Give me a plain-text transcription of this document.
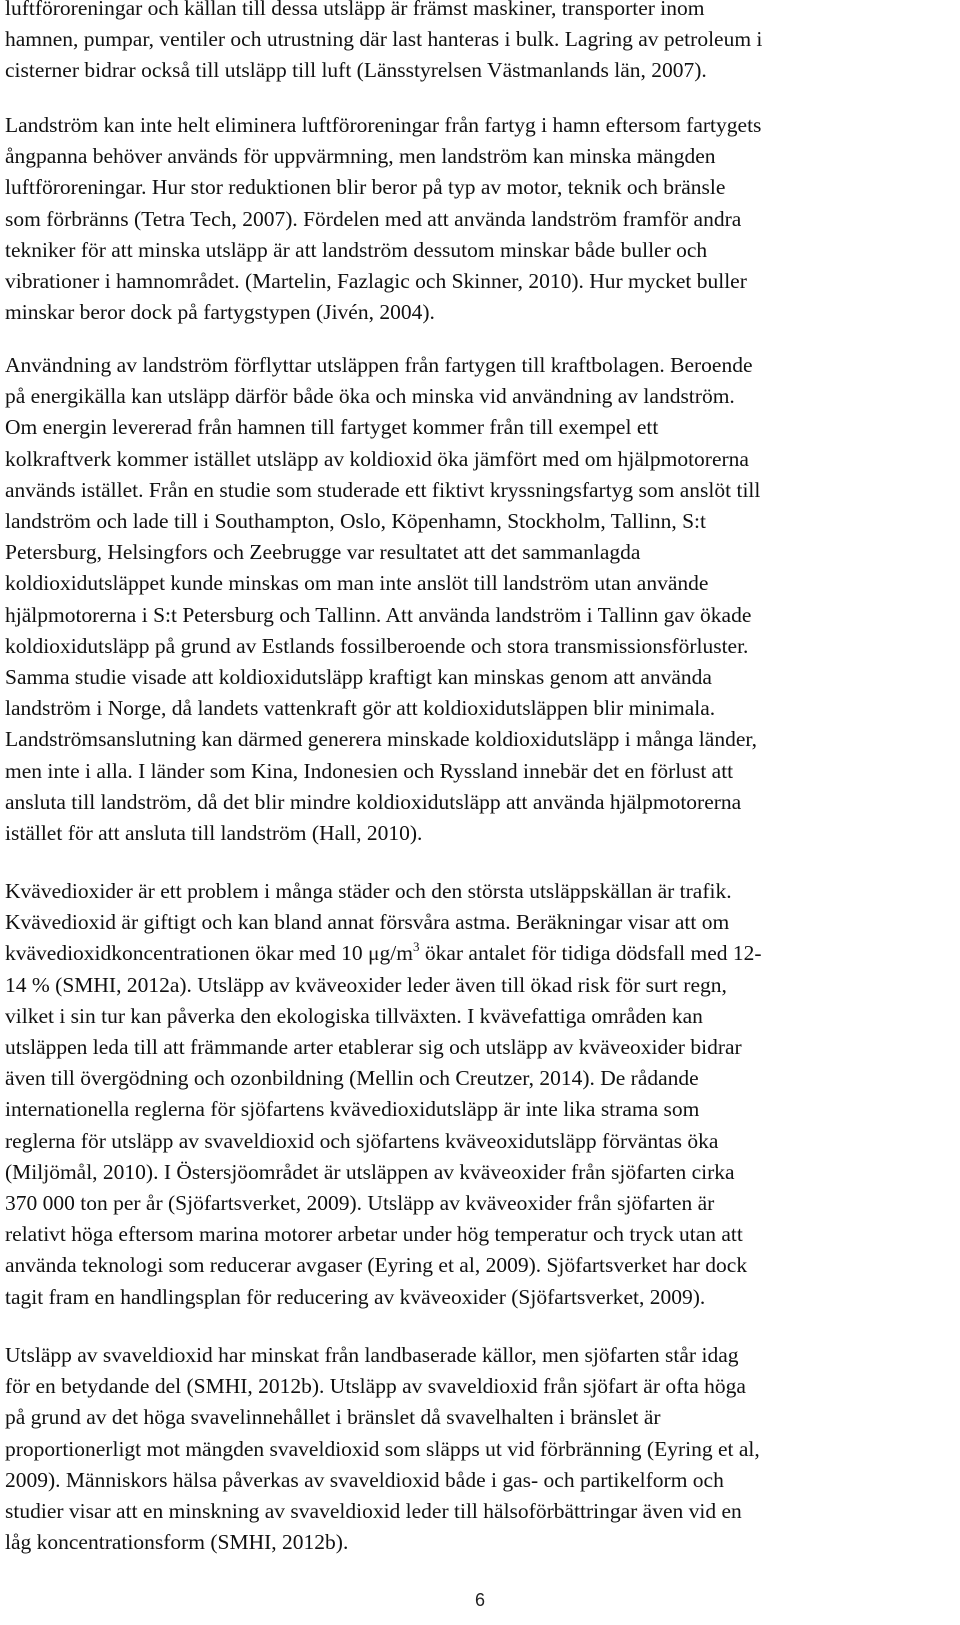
luftföroreningar och källan till dessa utsläpp är främst maskiner, transporter inom
hamnen, pumpar, ventiler och utrustning där last hanteras i bulk. Lagring av petroleum i
cisterner bidrar också till utsläpp till luft (Länsstyrelsen Västmanlands län, 2007).

Landström kan inte helt eliminera luftföroreningar från fartyg i hamn eftersom fartygets
ångpanna behöver används för uppvärmning, men landström kan minska mängden
luftföroreningar. Hur stor reduktionen blir beror på typ av motor, teknik och bränsle
som förbränns (Tetra Tech, 2007). Fördelen med att använda landström framför andra
tekniker för att minska utsläpp är att landström dessutom minskar både buller och
vibrationer i hamnområdet. (Martelin, Fazlagic och Skinner, 2010). Hur mycket buller
minskar beror dock på fartygstypen (Jivén, 2004).

Användning av landström förflyttar utsläppen från fartygen till kraftbolagen. Beroende
på energikälla kan utsläpp därför både öka och minska vid användning av landström.
Om energin levererad från hamnen till fartyget kommer från till exempel ett
kolkraftverk kommer istället utsläpp av koldioxid öka jämfört med om hjälpmotorerna
används istället. Från en studie som studerade ett fiktivt kryssningsfartyg som anslöt till
landström och lade till i Southampton, Oslo, Köpenhamn, Stockholm, Tallinn, S:t
Petersburg, Helsingfors och Zeebrugge var resultatet att det sammanlagda
koldioxidutsläppet kunde minskas om man inte anslöt till landström utan använde
hjälpmotorerna i S:t Petersburg och Tallinn. Att använda landström i Tallinn gav ökade
koldioxidutsläpp på grund av Estlands fossilberoende och stora transmissionsförluster.
Samma studie visade att koldioxidutsläpp kraftigt kan minskas genom att använda
landström i Norge, då landets vattenkraft gör att koldioxidutsläppen blir minimala.
Landströmsanslutning kan därmed generera minskade koldioxidutsläpp i många länder,
men inte i alla. I länder som Kina, Indonesien och Ryssland innebär det en förlust att
ansluta till landström, då det blir mindre koldioxidutsläpp att använda hjälpmotorerna
istället för att ansluta till landström (Hall, 2010).

Kvävedioxider är ett problem i många städer och den största utsläppskällan är trafik.
Kvävedioxid är giftigt och kan bland annat försvåra astma. Beräkningar visar att om
kvävedioxidkoncentrationen ökar med 10 $\mu g/m^3$ ökar antalet för tidiga dödsfall med 12-
14 % (SMHI, 2012a). Utsläpp av kväveoxider leder även till ökad risk för surt regn,
vilket i sin tur kan påverka den ekologiska tillväxten. I kvävefattiga områden kan
utsläppen leda till att främmande arter etablerar sig och utsläpp av kväveoxider bidrar
även till övergödning och ozonbildning (Mellin och Creutzer, 2014). De rådande
internationella reglerna för sjöfartens kvävedioxidutsläpp är inte lika strama som
reglerna för utsläpp av svaveldioxid och sjöfartens kväveoxidutsläpp förväntas öka
(Miljömål, 2010). I Östersjöområdet är utsläppen av kväveoxider från sjöfarten cirka
370 000 ton per år (Sjöfartsverket, 2009). Utsläpp av kväveoxider från sjöfarten är
relativt höga eftersom marina motorer arbetar under hög temperatur och tryck utan att
använda teknologi som reducerar avgaser (Eyring et al, 2009). Sjöfartsverket har dock
tagit fram en handlingsplan för reducering av kväveoxider (Sjöfartsverket, 2009).

Utsläpp av svaveldioxid har minskat från landbaserade källor, men sjöfarten står idag
för en betydande del (SMHI, 2012b). Utsläpp av svaveldioxid från sjöfart är ofta höga
på grund av det höga svavelinnehållet i bränslet då svavelhalten i bränslet är
proportionerligt mot mängden svaveldioxid som släpps ut vid förbränning (Eyring et al,
2009). Människors hälsa påverkas av svaveldioxid både i gas- och partikelform och
studier visar att en minskning av svaveldioxid leder till hälsoförbättringar även vid en
låg koncentrationsform (SMHI, 2012b).

6
